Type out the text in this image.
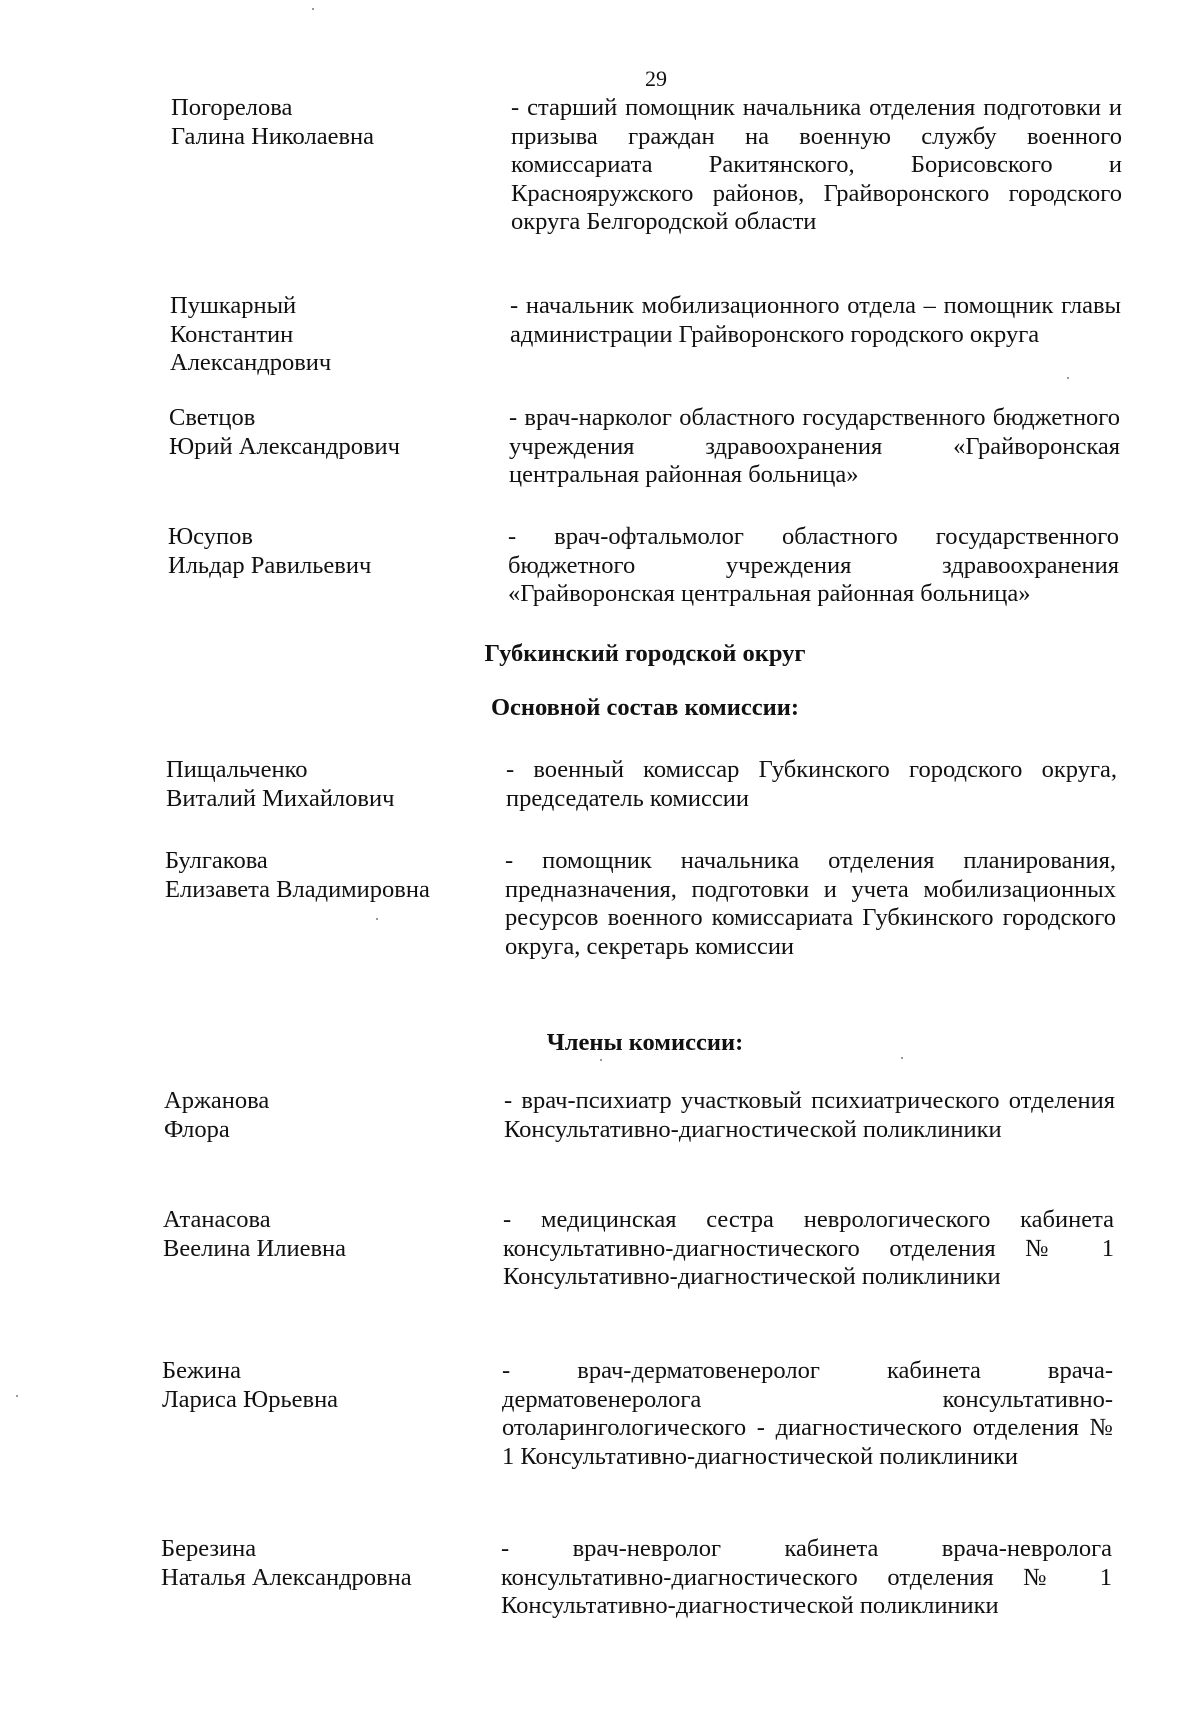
29
Погорелова
Галина Николаевна
- старший помощник начальника отделения подготовки и призыва граждан на военную службу военного комиссариата Ракитянского, Борисовского и Краснояружского районов, Грайворонского городского округа Белгородской области
Пушкарный
Константин
Александрович
- начальник мобилизационного отдела – помощник главы администрации Грайворонского городского округа
Светцов
Юрий Александрович
- врач-нарколог областного государственного бюджетного учреждения здравоохранения «Грайворонская центральная районная больница»
Юсупов
Ильдар Равильевич
- врач-офтальмолог областного государственного бюджетного учреждения здравоохранения «Грайворонская центральная районная больница»
Губкинский городской округ
Основной состав комиссии:
Пищальченко
Виталий Михайлович
- военный комиссар Губкинского городского округа, председатель комиссии
Булгакова
Елизавета Владимировна
- помощник начальника отделения планирования, предназначения, подготовки и учета мобилизационных ресурсов военного комиссариата Губкинского городского округа, секретарь комиссии
Члены комиссии:
Аржанова
Флора
- врач-психиатр участковый психиатрического отделения Консультативно-диагностической поликлиники
Атанасова
Веелина Илиевна
- медицинская сестра неврологического кабинета консультативно-диагностического отделения № 1 Консультативно-диагностической поликлиники
Бежина
Лариса Юрьевна
- врач-дерматовенеролог кабинета врача-дерматовенеролога консультативно-отоларингологического - диагностического отделения № 1 Консультативно-диагностической поликлиники
Березина
Наталья Александровна
- врач-невролог кабинета врача-невролога консультативно-диагностического отделения № 1 Консультативно-диагностической поликлиники
